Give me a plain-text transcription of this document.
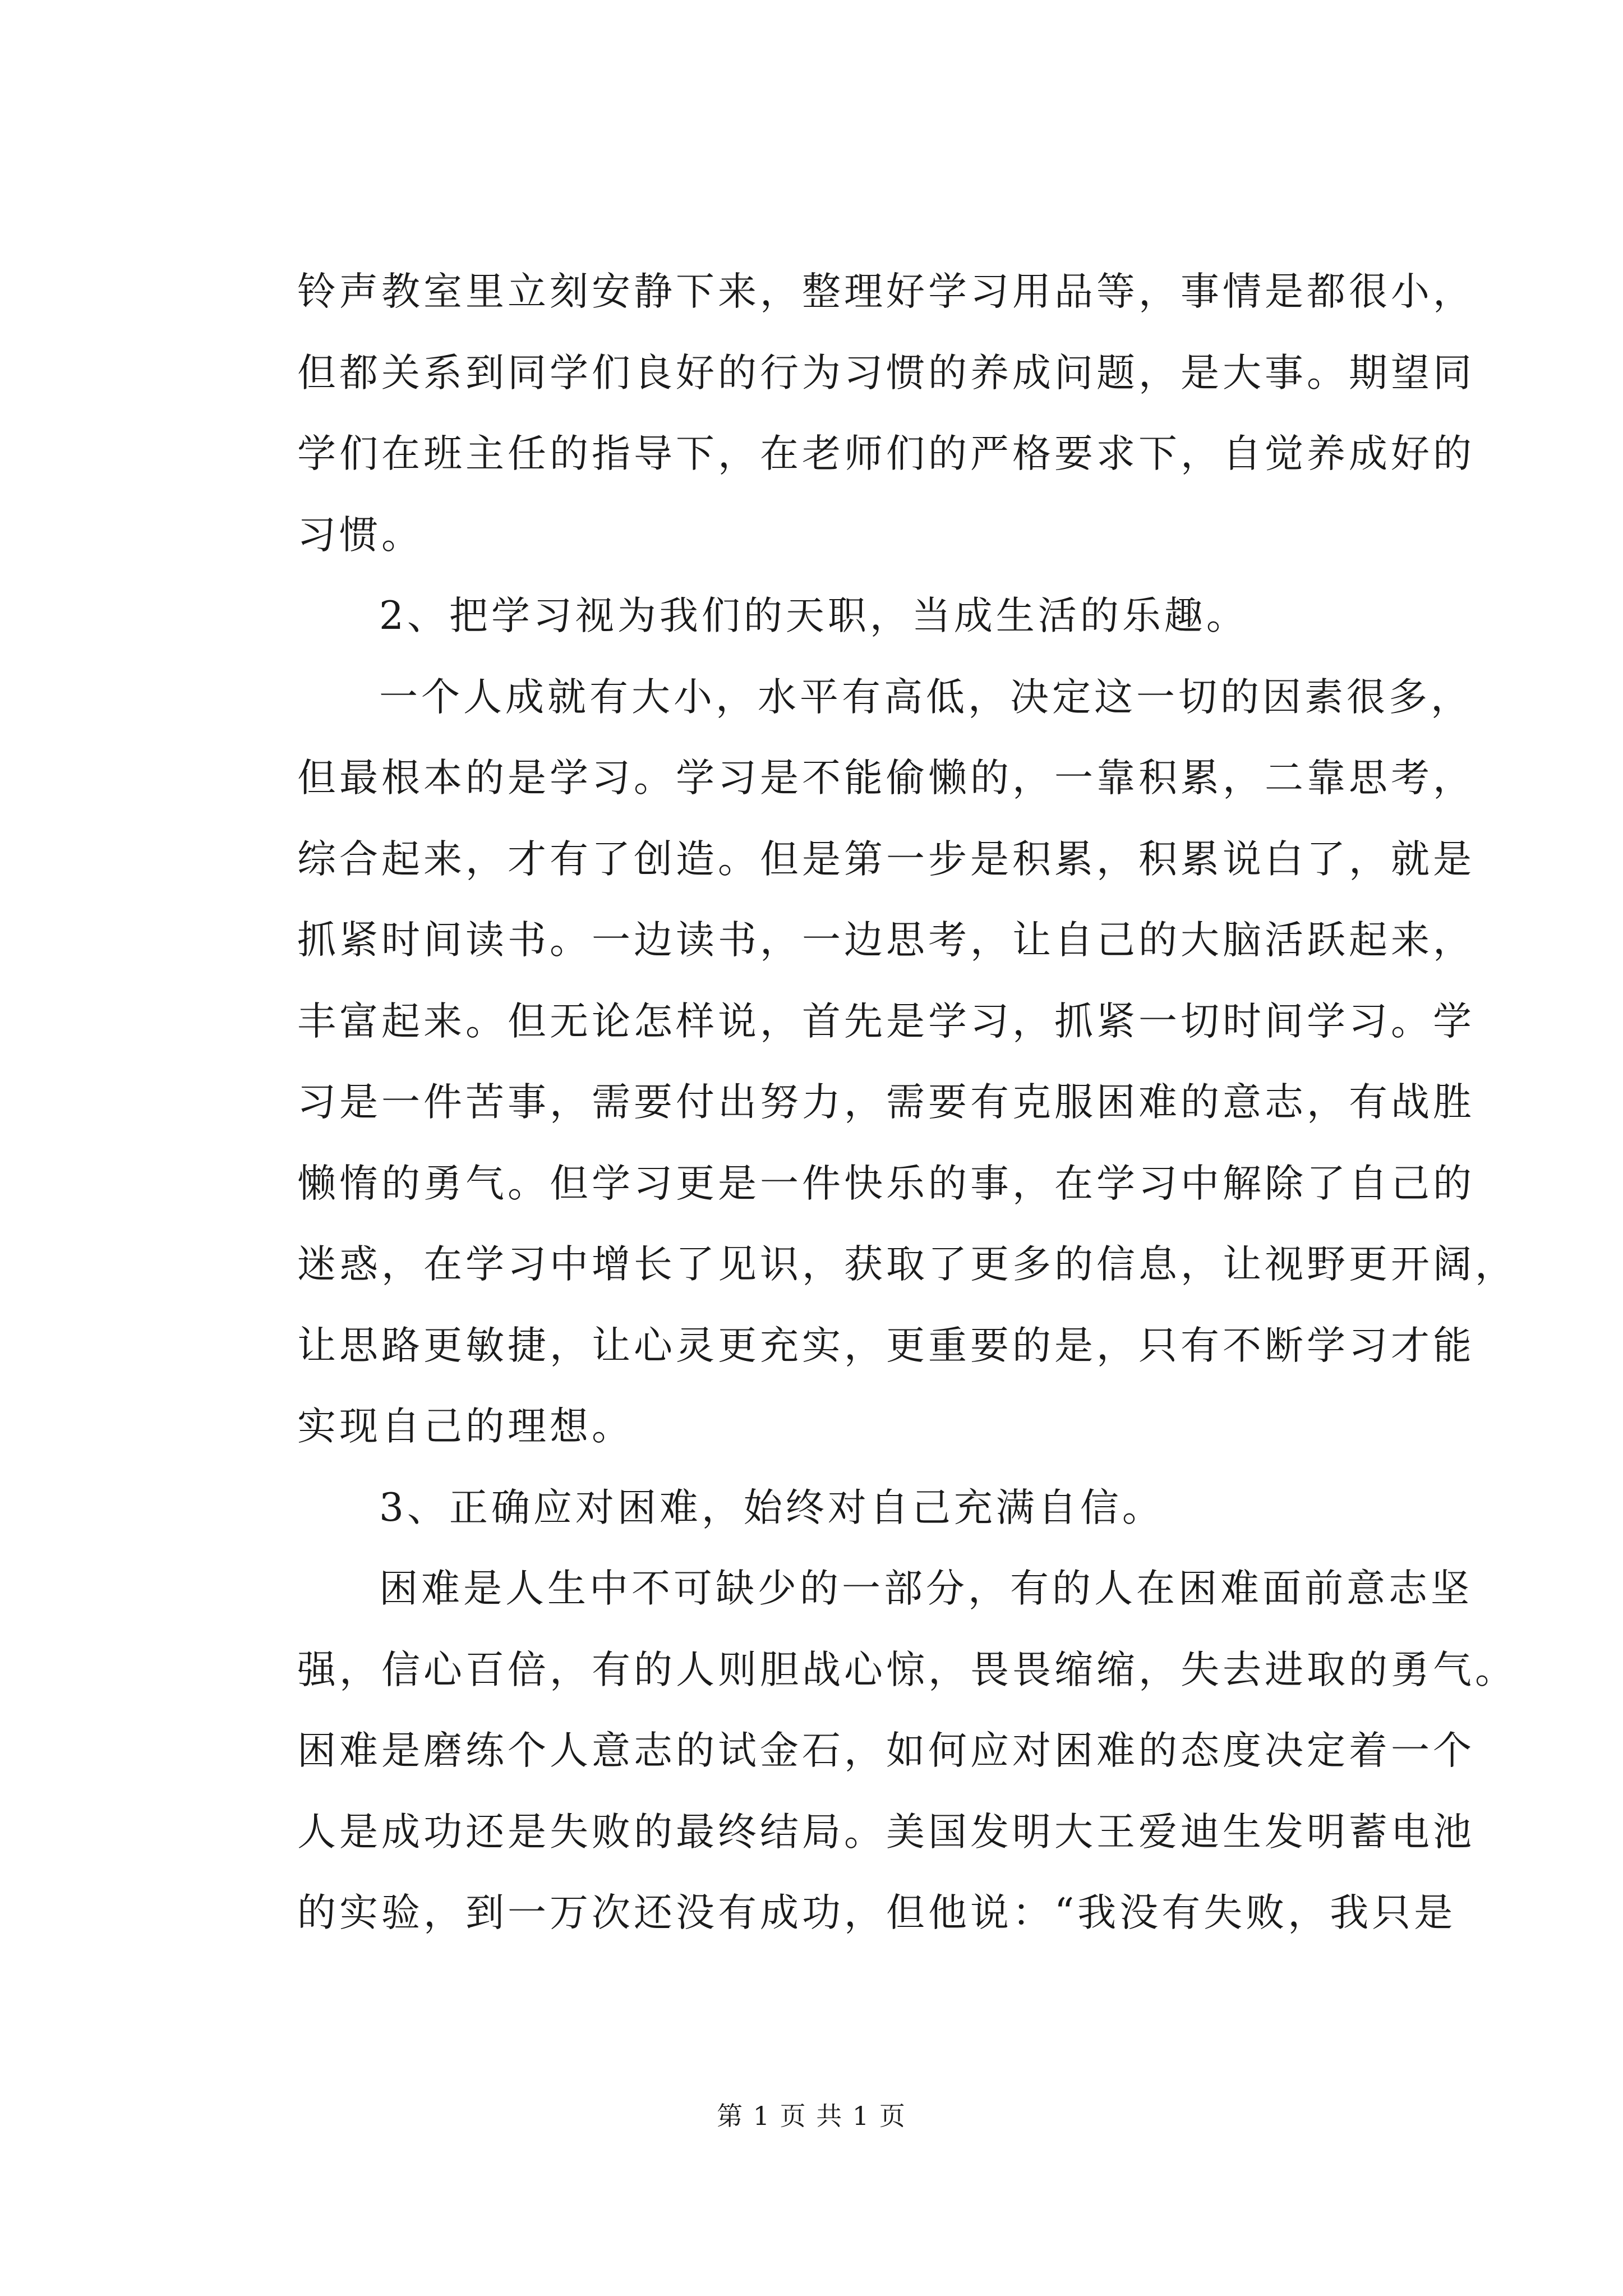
铃声教室里立刻安静下来，整理好学习用品等，事情是都很小，
但都关系到同学们良好的行为习惯的养成问题，是大事。期望同
学们在班主任的指导下，在老师们的严格要求下，自觉养成好的
习惯。
2、把学习视为我们的天职，当成生活的乐趣。
一个人成就有大小，水平有高低，决定这一切的因素很多，
但最根本的是学习。学习是不能偷懒的，一靠积累，二靠思考，
综合起来，才有了创造。但是第一步是积累，积累说白了，就是
抓紧时间读书。一边读书，一边思考，让自己的大脑活跃起来，
丰富起来。但无论怎样说，首先是学习，抓紧一切时间学习。学
习是一件苦事，需要付出努力，需要有克服困难的意志，有战胜
懒惰的勇气。但学习更是一件快乐的事，在学习中解除了自己的
迷惑，在学习中增长了见识，获取了更多的信息，让视野更开阔，
让思路更敏捷，让心灵更充实，更重要的是，只有不断学习才能
实现自己的理想。
3、正确应对困难，始终对自己充满自信。
困难是人生中不可缺少的一部分，有的人在困难面前意志坚
强，信心百倍，有的人则胆战心惊，畏畏缩缩，失去进取的勇气。
困难是磨练个人意志的试金石，如何应对困难的态度决定着一个
人是成功还是失败的最终结局。美国发明大王爱迪生发明蓄电池
的实验，到一万次还没有成功，但他说：“我没有失败，我只是
第 1 页 共 1 页
